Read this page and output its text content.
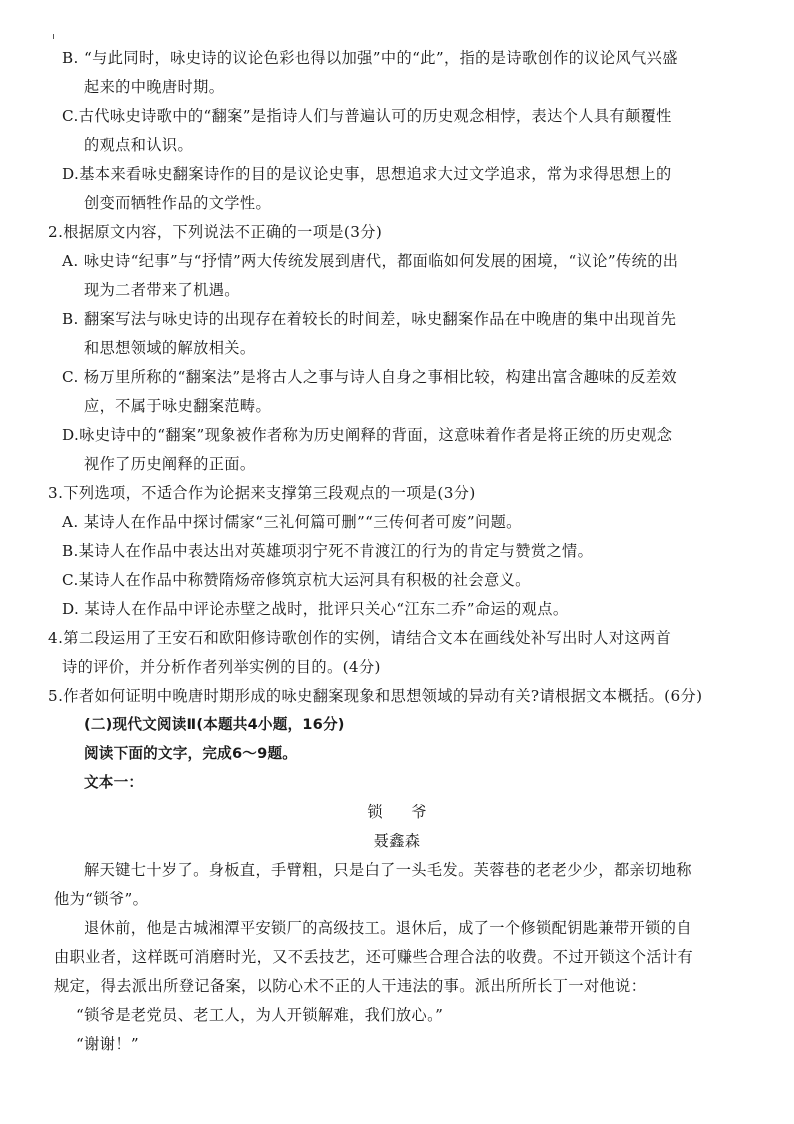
B. “与此同时，咏史诗的议论色彩也得以加强”中的“此”，指的是诗歌创作的议论风气兴盛
起来的中晚唐时期。
C.古代咏史诗歌中的“翻案”是指诗人们与普遍认可的历史观念相悖，表达个人具有颠覆性
的观点和认识。
D.基本来看咏史翻案诗作的目的是议论史事，思想追求大过文学追求，常为求得思想上的
创变而牺牲作品的文学性。
2.根据原文内容，下列说法不正确的一项是(3分)
A. 咏史诗“纪事”与“抒情”两大传统发展到唐代，都面临如何发展的困境，“议论”传统的出
现为二者带来了机遇。
B. 翻案写法与咏史诗的出现存在着较长的时间差，咏史翻案作品在中晚唐的集中出现首先
和思想领域的解放相关。
C. 杨万里所称的“翻案法”是将古人之事与诗人自身之事相比较，构建出富含趣味的反差效
应，不属于咏史翻案范畴。
D.咏史诗中的“翻案”现象被作者称为历史阐释的背面，这意味着作者是将正统的历史观念
视作了历史阐释的正面。
3.下列选项，不适合作为论据来支撑第三段观点的一项是(3分)
A. 某诗人在作品中探讨儒家“三礼何篇可删”“三传何者可废”问题。
B.某诗人在作品中表达出对英雄项羽宁死不肯渡江的行为的肯定与赞赏之情。
C.某诗人在作品中称赞隋炀帝修筑京杭大运河具有积极的社会意义。
D. 某诗人在作品中评论赤壁之战时，批评只关心“江东二乔”命运的观点。
4.第二段运用了王安石和欧阳修诗歌创作的实例，请结合文本在画线处补写出时人对这两首
诗的评价，并分析作者列举实例的目的。(4分)
5.作者如何证明中晚唐时期形成的咏史翻案现象和思想领域的异动有关?请根据文本概括。(6分)
(二)现代文阅读Ⅱ(本题共4小题，16分)
阅读下面的文字，完成6～9题。
文本一：
锁 爷
聂鑫森
解天键七十岁了。身板直，手臂粗，只是白了一头毛发。芙蓉巷的老老少少，都亲切地称
他为“锁爷”。
退休前，他是古城湘潭平安锁厂的高级技工。退休后，成了一个修锁配钥匙兼带开锁的自
由职业者，这样既可消磨时光，又不丢技艺，还可赚些合理合法的收费。不过开锁这个活计有
规定，得去派出所登记备案，以防心术不正的人干违法的事。派出所所长丁一对他说：
“锁爷是老党员、老工人，为人开锁解难，我们放心。”
“谢谢！”
